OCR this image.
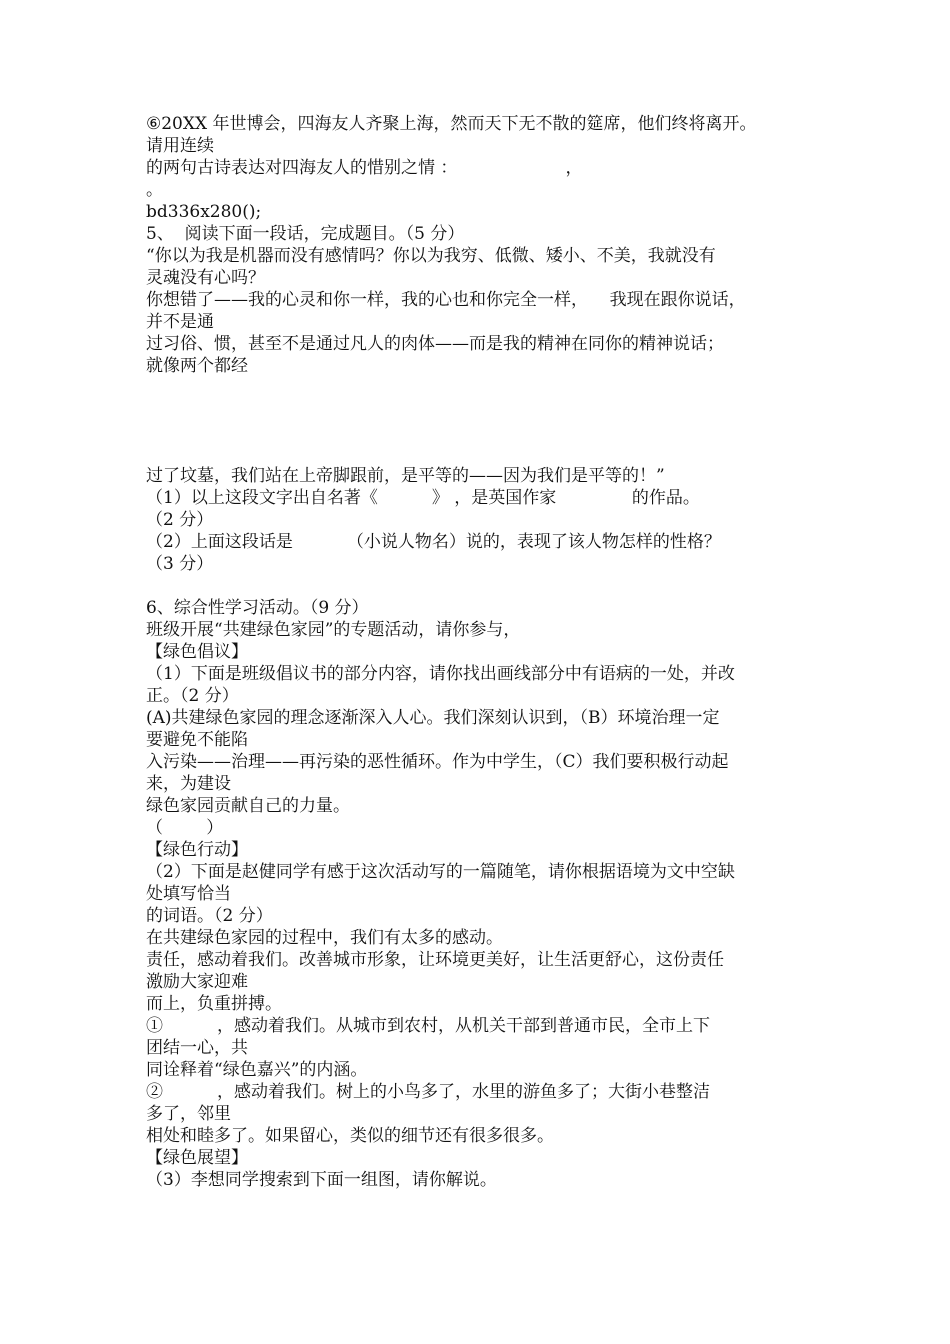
⑥20XX 年世博会，四海友人齐聚上海，然而天下无不散的筵席，他们终将离开。
请用连续
的两句古诗表达对四海友人的惜别之情 ：                    ，
。
bd336x280();
5、  阅读下面一段话，完成题目。（5 分）
“你以为我是机器而没有感情吗？你以为我穷、低微、矮小、不美，我就没有
灵魂没有心吗？
你想错了——我的心灵和你一样，我的心也和你完全一样，    我现在跟你说话，
并不是通
过习俗、惯，甚至不是通过凡人的肉体——而是我的精神在同你的精神说话；
就像两个都经
过了坟墓，我们站在上帝脚跟前，是平等的——因为我们是平等的！”
（1）以上这段文字出自名著《          》 ，是英国作家              的作品。
（2 分）
（2）上面这段话是          （小说人物名）说的，表现了该人物怎样的性格？
（3 分）
6、综合性学习活动。（9 分）
班级开展“共建绿色家园”的专题活动，请你参与，
【绿色倡议】
（1）下面是班级倡议书的部分内容，请你找出画线部分中有语病的一处，并改
正。（2 分）
(A)共建绿色家园的理念逐渐深入人心。我们深刻认识到，（B）环境治理一定
要避免不能陷
入污染——治理——再污染的恶性循环。作为中学生，（C）我们要积极行动起
来，为建设
绿色家园贡献自己的力量。
（        ）
【绿色行动】
（2）下面是赵健同学有感于这次活动写的一篇随笔，请你根据语境为文中空缺
处填写恰当
的词语。（2 分）
在共建绿色家园的过程中，我们有太多的感动。
责任，感动着我们。改善城市形象，让环境更美好，让生活更舒心，这份责任
激励大家迎难
而上，负重拼搏。
①          ，感动着我们。从城市到农村，从机关干部到普通市民，全市上下
团结一心，共
同诠释着“绿色嘉兴”的内涵。
②          ，感动着我们。树上的小鸟多了，水里的游鱼多了；大街小巷整洁
多了，邻里
相处和睦多了。如果留心，类似的细节还有很多很多。
【绿色展望】
（3）李想同学搜索到下面一组图，请你解说。
